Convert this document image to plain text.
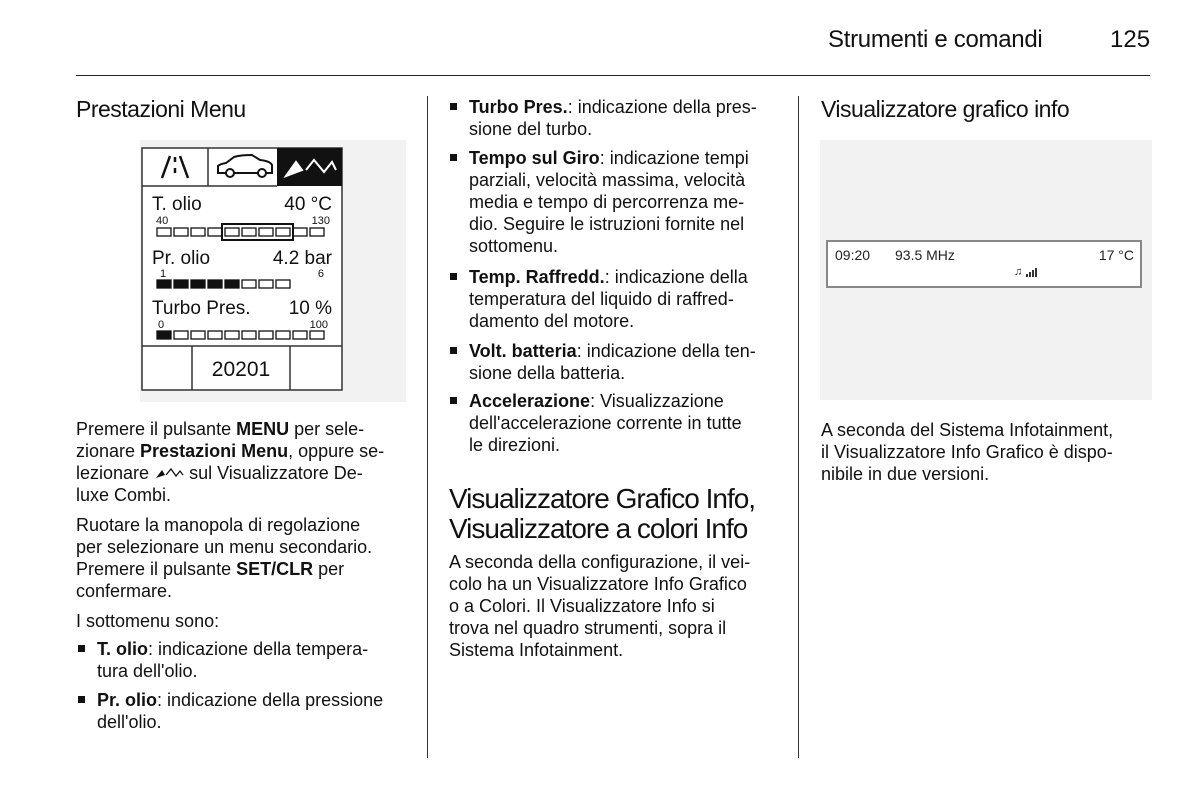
Strumenti e comandi	125
Prestazioni Menu
T. olio	40 °C
40	130
Pr. olio	4.2 bar
1	6
Turbo Pres. 10 %
0	100
20201
Premere il pulsante MENU per sele-
zionare Prestazioni Menu, oppure se-
lezionare  sul Visualizzatore De-
luxe Combi.
Ruotare la manopola di regolazione
per selezionare un menu secondario.
Premere il pulsante SET/CLR per
confermare.
I sottomenu sono:
T. olio: indicazione della tempera-
tura dell'olio.
Pr. olio: indicazione della pressione
dell'olio.
Turbo Pres.: indicazione della pres-
sione del turbo.
Tempo sul Giro: indicazione tempi
parziali, velocità massima, velocità
media e tempo di percorrenza me-
dio. Seguire le istruzioni fornite nel
sottomenu.
Temp. Raffredd.: indicazione della
temperatura del liquido di raffred-
damento del motore.
Volt. batteria: indicazione della ten-
sione della batteria.
Accelerazione: Visualizzazione
dell'accelerazione corrente in tutte
le direzioni.
Visualizzatore Grafico Info,
Visualizzatore a colori Info
A seconda della configurazione, il vei-
colo ha un Visualizzatore Info Grafico
o a Colori. Il Visualizzatore Info si
trova nel quadro strumenti, sopra il
Sistema Infotainment.
Visualizzatore grafico info
09:20 93.5 MHz	17 °C
♫
A seconda del Sistema Infotainment,
il Visualizzatore Info Grafico è dispo-
nibile in due versioni.
